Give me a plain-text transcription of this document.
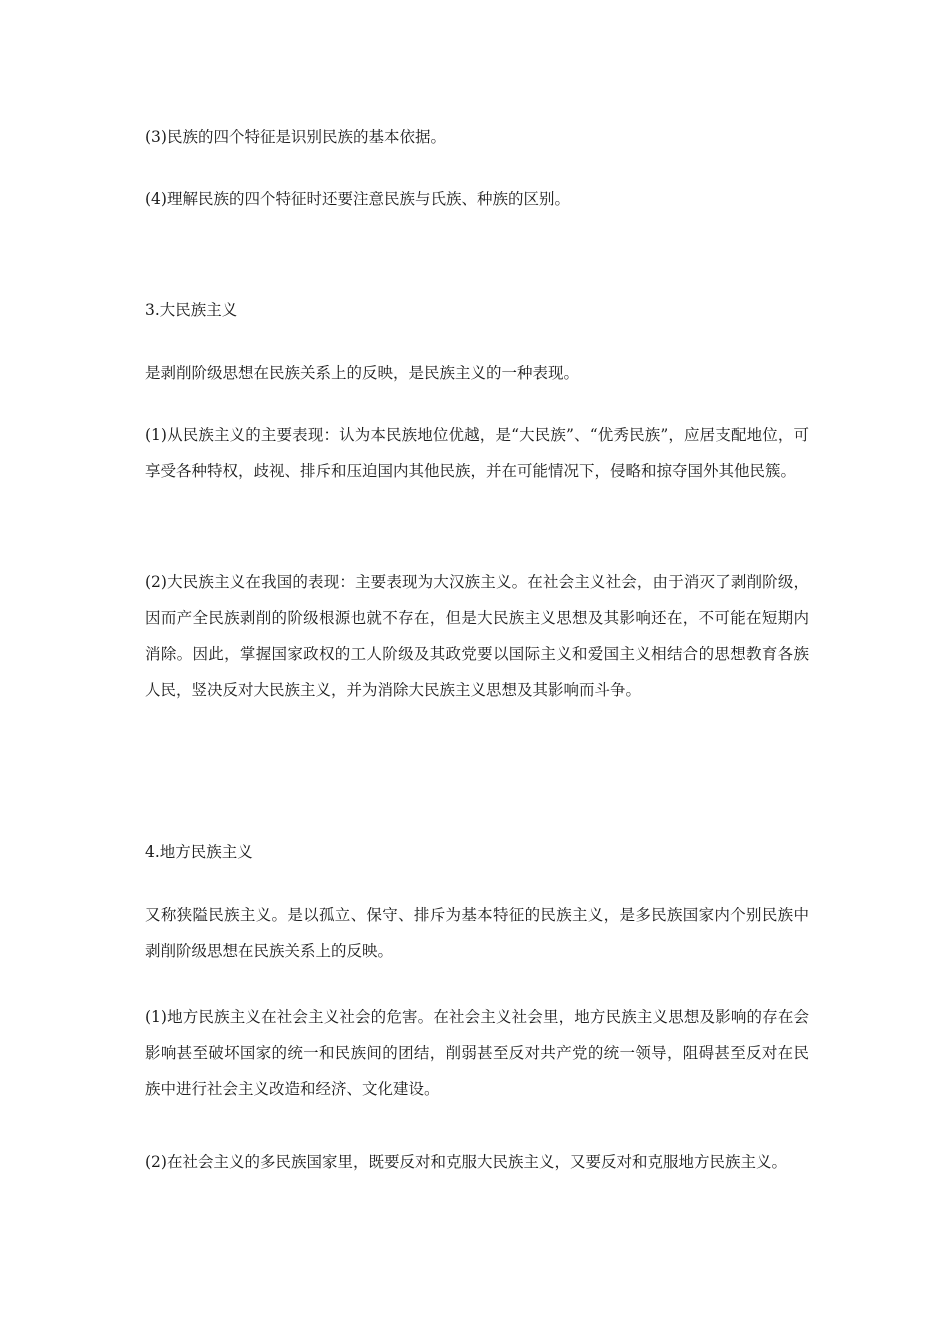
(3)民族的四个特征是识别民族的基本依据。

(4)理解民族的四个特征时还要注意民族与氏族、种族的区别。

3.大民族主义

是剥削阶级思想在民族关系上的反映，是民族主义的一种表现。

(1)从民族主义的主要表现：认为本民族地位优越，是“大民族”、“优秀民族”，应居支配地位，可享受各种特权，歧视、排斥和压迫国内其他民族，并在可能情况下，侵略和掠夺国外其他民簇。

(2)大民族主义在我国的表现：主要表现为大汉族主义。在社会主义社会，由于消灭了剥削阶级，因而产全民族剥削的阶级根源也就不存在，但是大民族主义思想及其影响还在，不可能在短期内消除。因此，掌握国家政权的工人阶级及其政党要以国际主义和爱国主义相结合的思想教育各族人民，竖决反对大民族主义，并为消除大民族主义思想及其影响而斗争。

4.地方民族主义

又称狭隘民族主义。是以孤立、保守、排斥为基本特征的民族主义，是多民族国家内个别民族中剥削阶级思想在民族关系上的反映。

(1)地方民族主义在社会主义社会的危害。在社会主义社会里，地方民族主义思想及影响的存在会影响甚至破坏国家的统一和民族间的团结，削弱甚至反对共产党的统一领导，阻碍甚至反对在民族中进行社会主义改造和经济、文化建设。

(2)在社会主义的多民族国家里，既要反对和克服大民族主义，又要反对和克服地方民族主义。
